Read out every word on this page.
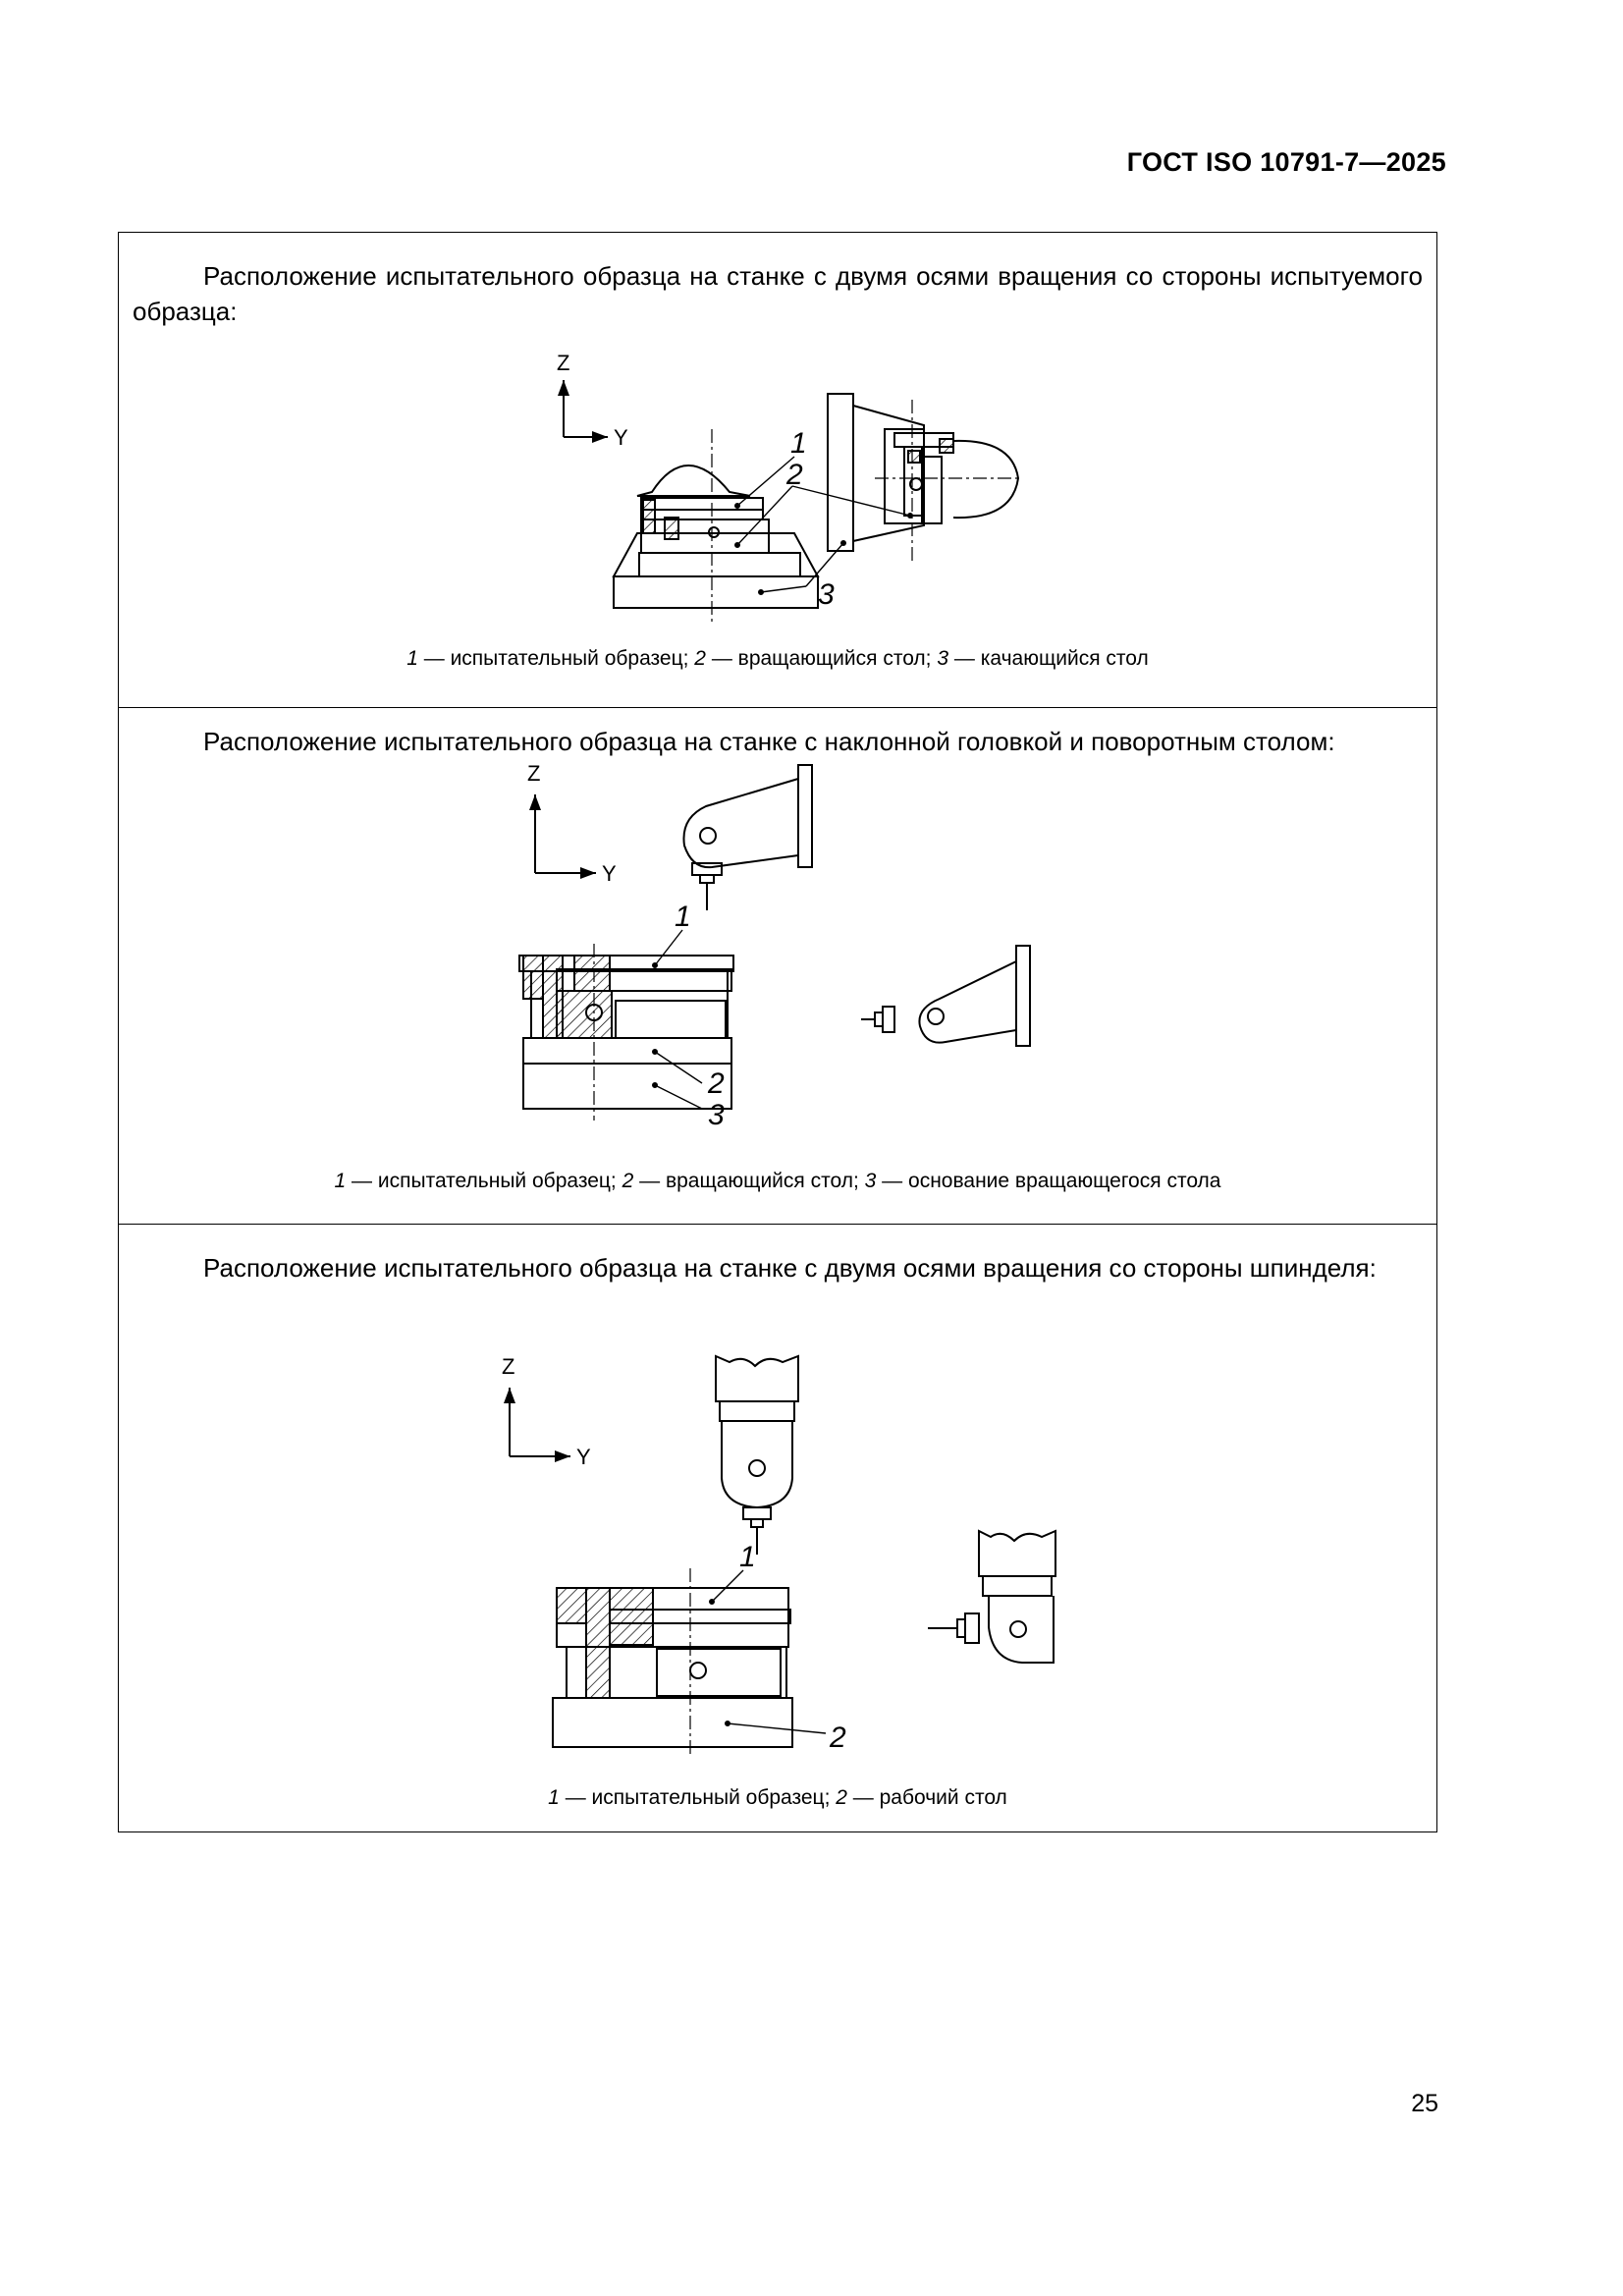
ГОСТ ISO 10791-7—2025
Расположение испытательного образца на станке с двумя осями вращения со стороны испытуемого образца:
Z
Y	1
2
3
1 — испытательный образец; 2 — вращающийся стол; 3 — качающийся стол
Расположение испытательного образца на станке с наклонной головкой и поворотным столом:
Z
Y
1
2
3
1 — испытательный образец; 2 — вращающийся стол; 3 — основание вращающегося стола
Расположение испытательного образца на станке с двумя осями вращения со стороны шпинделя:
Z
Y
1
2
1 — испытательный образец; 2 — рабочий стол
25
